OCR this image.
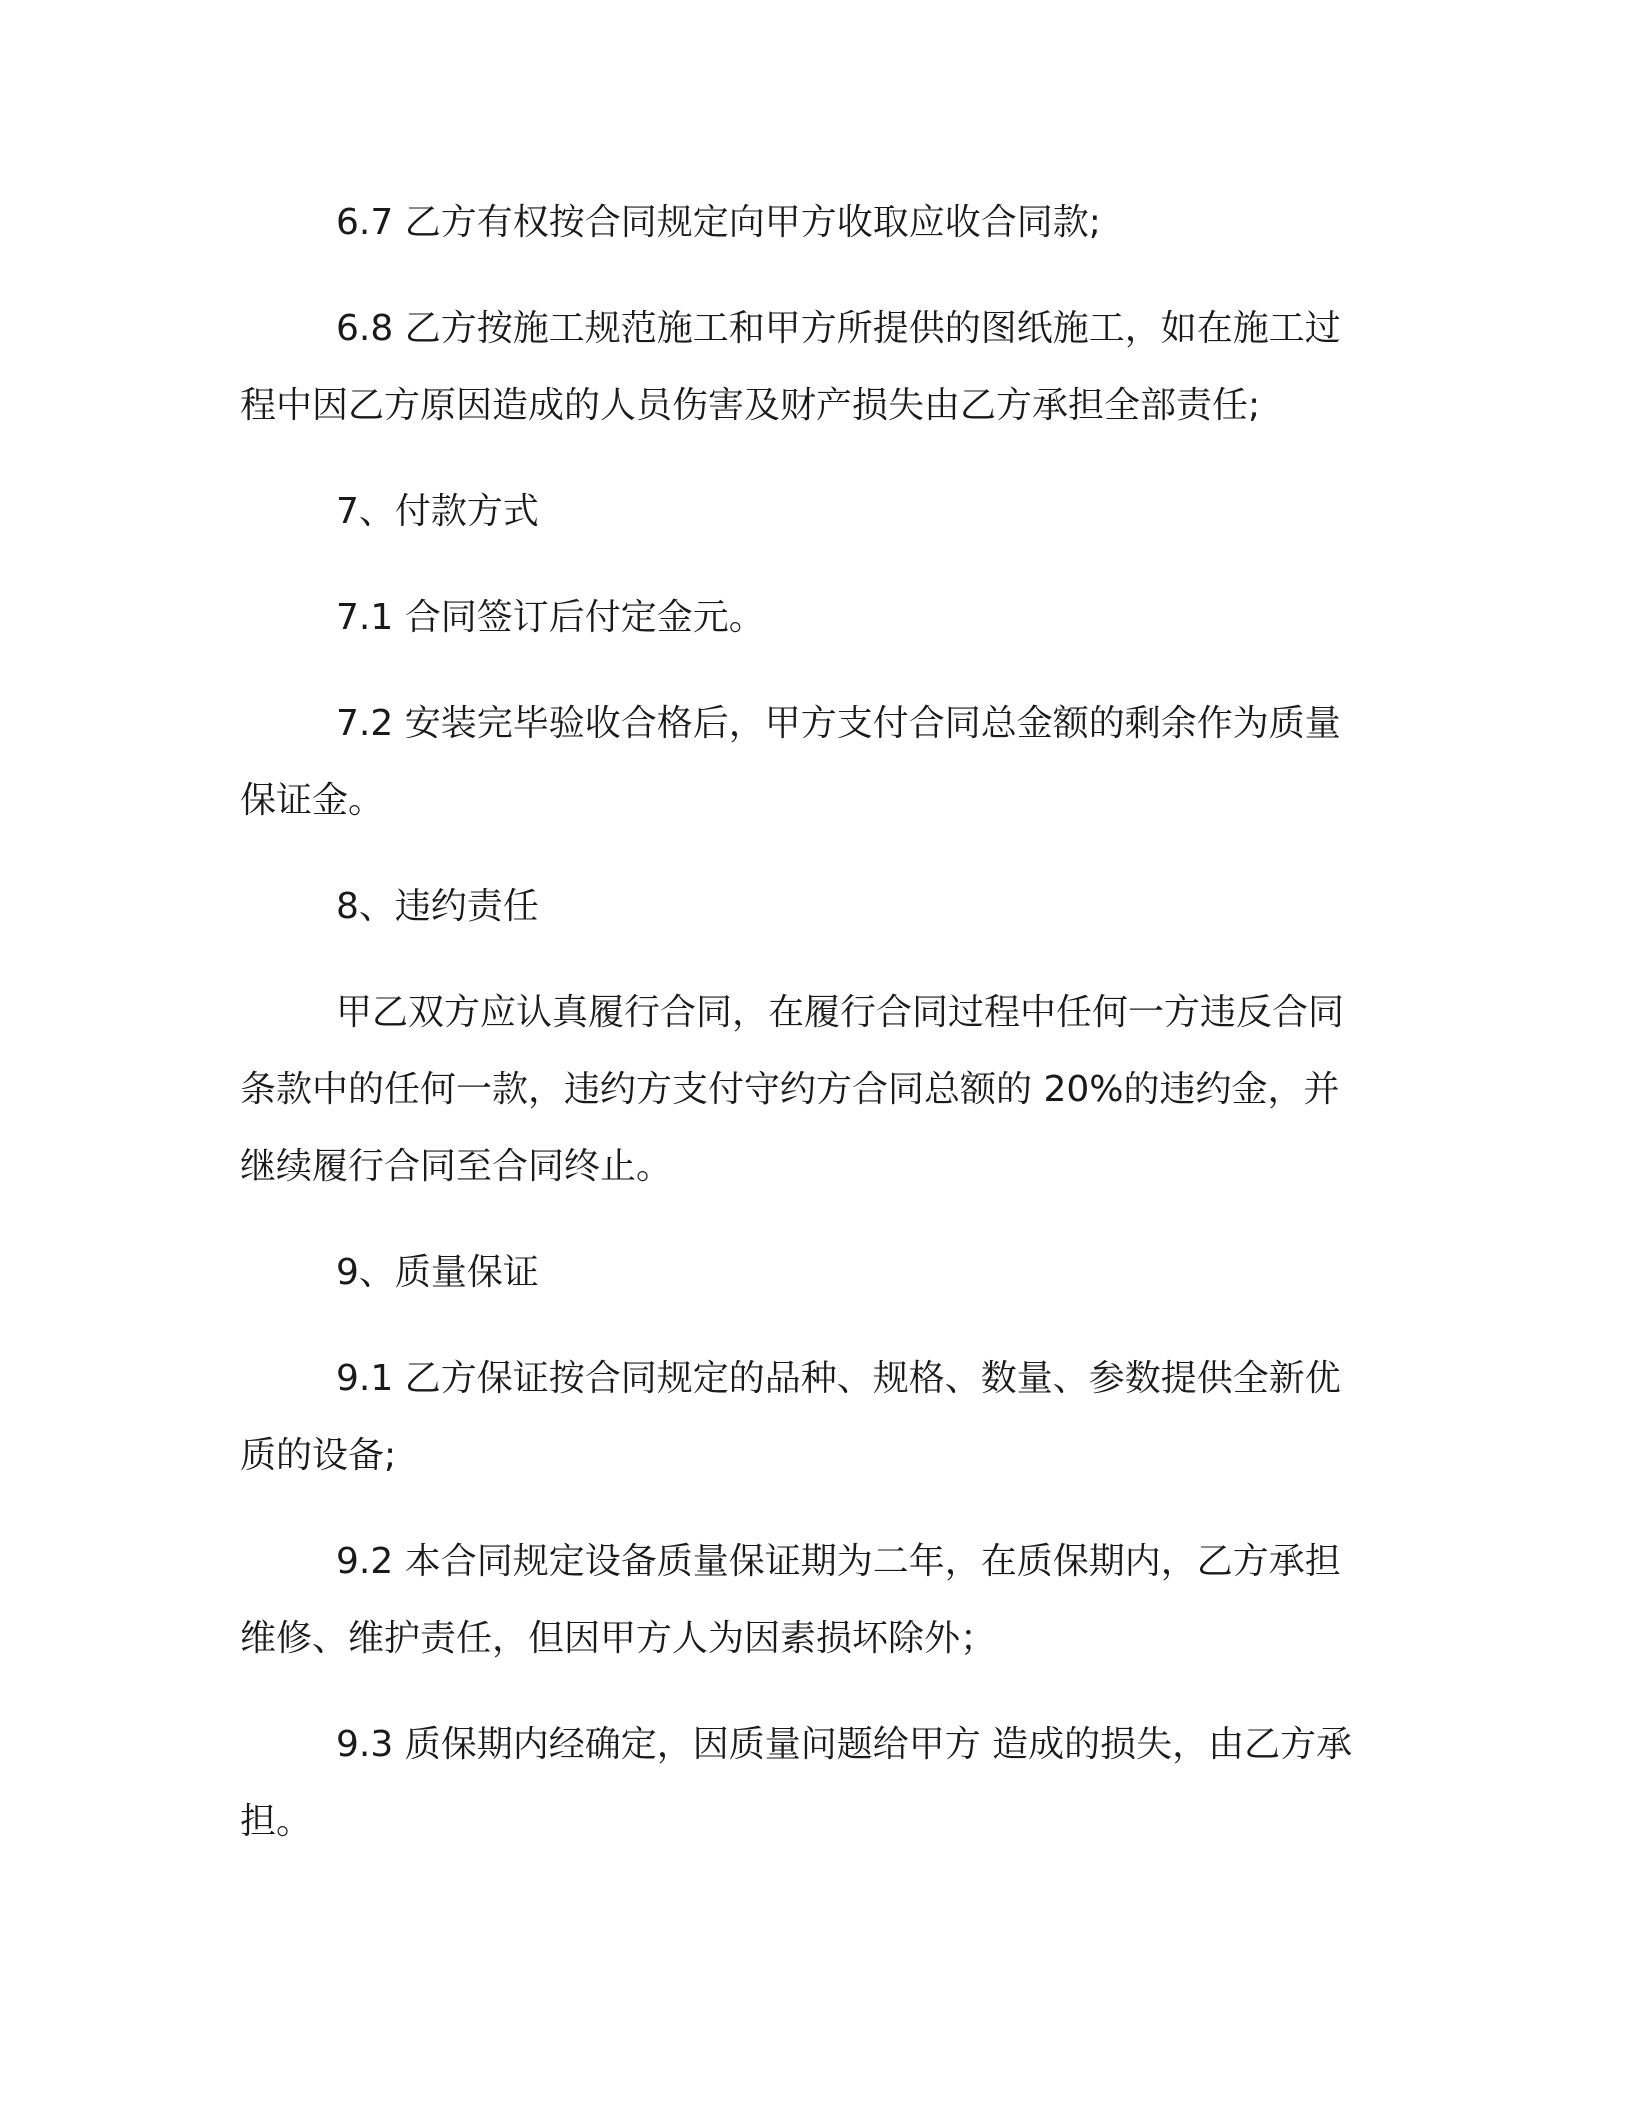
6.7 乙方有权按合同规定向甲方收取应收合同款;

6.8 乙方按施工规范施工和甲方所提供的图纸施工，如在施工过
程中因乙方原因造成的人员伤害及财产损失由乙方承担全部责任;

7、付款方式

7.1 合同签订后付定金元。

7.2 安装完毕验收合格后，甲方支付合同总金额的剩余作为质量
保证金。

8、违约责任

甲乙双方应认真履行合同，在履行合同过程中任何一方违反合同
条款中的任何一款，违约方支付守约方合同总额的 20%的违约金，并
继续履行合同至合同终止。

9、质量保证

9.1 乙方保证按合同规定的品种、规格、数量、参数提供全新优
质的设备;

9.2 本合同规定设备质量保证期为二年，在质保期内，乙方承担
维修、维护责任，但因甲方人为因素损坏除外；

9.3 质保期内经确定，因质量问题给甲方 造成的损失，由乙方承
担。
